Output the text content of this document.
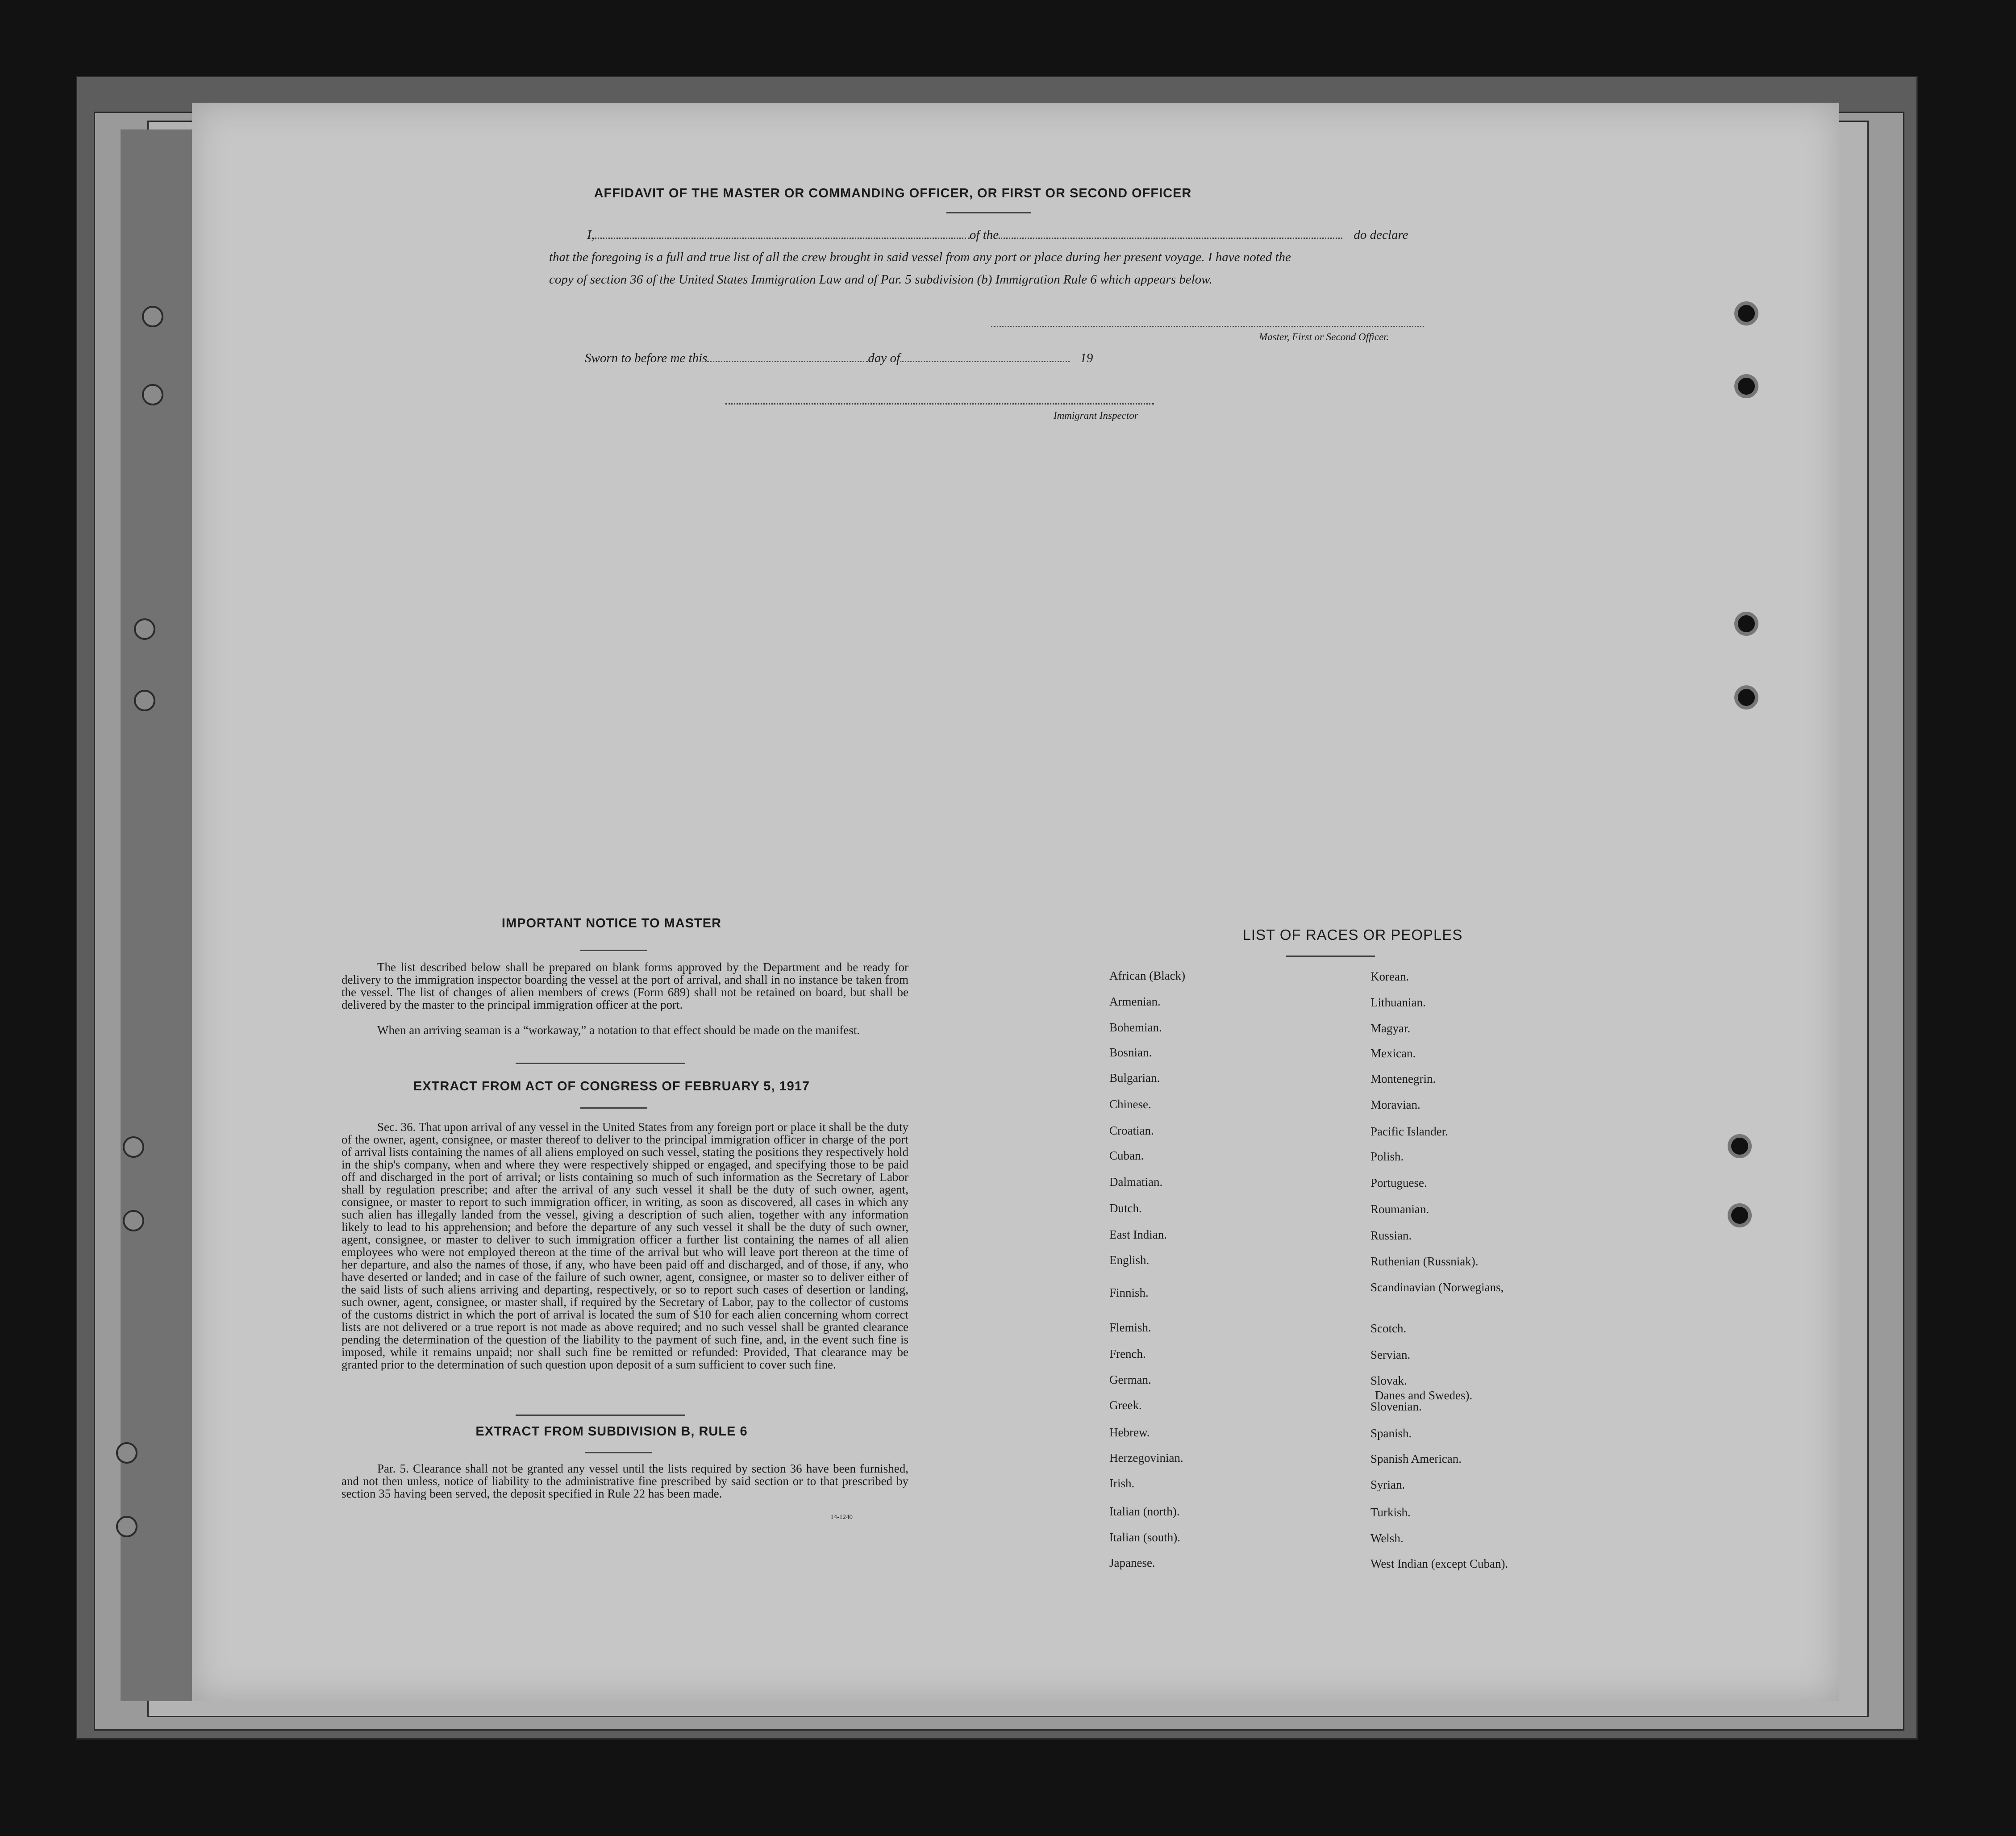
AFFIDAVIT OF THE MASTER OR COMMANDING OFFICER, OR FIRST OR SECOND OFFICER
I,	of the	do declare
that the foregoing is a full and true list of all the crew brought in said vessel from any port or place during her present voyage. I have noted the
copy of section 36 of the United States Immigration Law and of Par. 5 subdivision (b) Immigration Rule 6 which appears below.
Master, First or Second Officer.
Sworn to before me this	day of	19
Immigrant Inspector
IMPORTANT NOTICE TO MASTER
The list described below shall be prepared on blank forms approved by the Department and be ready for delivery to the immigration inspector boarding the vessel at the port of arrival, and shall in no instance be taken from the vessel. The list of changes of alien members of crews (Form 689) shall not be retained on board, but shall be delivered by the master to the principal immigration officer at the port.
When an arriving seaman is a “workaway,” a notation to that effect should be made on the manifest.
EXTRACT FROM ACT OF CONGRESS OF FEBRUARY 5, 1917
Sec. 36. That upon arrival of any vessel in the United States from any foreign port or place it shall be the duty of the owner, agent, consignee, or master thereof to deliver to the principal immigration officer in charge of the port of arrival lists containing the names of all aliens employed on such vessel, stating the positions they respectively hold in the ship's company, when and where they were respectively shipped or engaged, and specifying those to be paid off and discharged in the port of arrival; or lists containing so much of such information as the Secretary of Labor shall by regulation prescribe; and after the arrival of any such vessel it shall be the duty of such owner, agent, consignee, or master to report to such immigration officer, in writing, as soon as discovered, all cases in which any such alien has illegally landed from the vessel, giving a description of such alien, together with any information likely to lead to his apprehension; and before the departure of any such vessel it shall be the duty of such owner, agent, consignee, or master to deliver to such immigration officer a further list containing the names of all alien employees who were not employed thereon at the time of the arrival but who will leave port thereon at the time of her departure, and also the names of those, if any, who have been paid off and discharged, and of those, if any, who have deserted or landed; and in case of the failure of such owner, agent, consignee, or master so to deliver either of the said lists of such aliens arriving and departing, respectively, or so to report such cases of desertion or landing, such owner, agent, consignee, or master shall, if required by the Secretary of Labor, pay to the collector of customs of the customs district in which the port of arrival is located the sum of $10 for each alien concerning whom correct lists are not delivered or a true report is not made as above required; and no such vessel shall be granted clearance pending the determination of the question of the liability to the payment of such fine, and, in the event such fine is imposed, while it remains unpaid; nor shall such fine be remitted or refunded: Provided, That clearance may be granted prior to the determination of such question upon deposit of a sum sufficient to cover such fine.
EXTRACT FROM SUBDIVISION B, RULE 6
Par. 5. Clearance shall not be granted any vessel until the lists required by section 36 have been furnished, and not then unless, notice of liability to the administrative fine prescribed by said section or to that prescribed by section 35 having been served, the deposit specified in Rule 22 has been made.
14-1240
LIST OF RACES OR PEOPLES
African (Black)
Armenian.
Bohemian.
Bosnian.
Bulgarian.
Chinese.
Croatian.
Cuban.
Dalmatian.
Dutch.
East Indian.
English.
Finnish.
Flemish.
French.
German.
Greek.
Hebrew.
Herzegovinian.
Irish.
Italian (north).
Italian (south).
Japanese.
Korean.
Lithuanian.
Magyar.
Mexican.
Montenegrin.
Moravian.
Pacific Islander.
Polish.
Portuguese.
Roumanian.
Russian.
Ruthenian (Russniak).
Scandinavian (Norwegians,
Scotch.
Servian.
Slovak.
Slovenian.
Spanish.
Spanish American.
Syrian.
Turkish.
Welsh.
West Indian (except Cuban).
Danes and Swedes).
